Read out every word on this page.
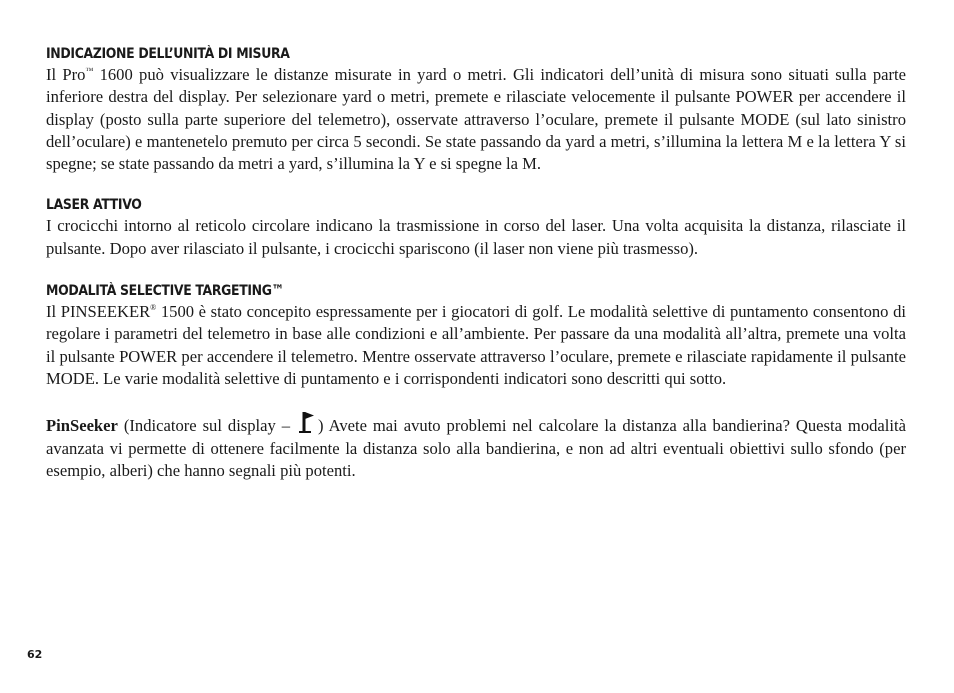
INDICAZIONE DELL’UNITÀ DI MISURA

Il Pro™ 1600 può visualizzare le distanze misurate in yard o metri. Gli indicatori dell’unità di misura sono situati sulla parte inferiore destra del display. Per selezionare yard o metri, premete e rilasciate velocemente il pulsante POWER per accendere il display (posto sulla parte superiore del telemetro), osservate attraverso l’oculare, premete il pulsante MODE (sul lato sinistro dell’oculare) e mantenetelo premuto per circa 5 secondi. Se state passando da yard a metri, s’illumina la lettera M e la lettera Y si spegne; se state passando da metri a yard, s’illumina la Y e si spegne la M.

LASER ATTIVO

I crocicchi intorno al reticolo circolare indicano la trasmissione in corso del laser. Una volta acquisita la distanza, rilasciate il pulsante. Dopo aver rilasciato il pulsante, i crocicchi spariscono (il laser non viene più trasmesso).

MODALITÀ SELECTIVE TARGETING™

Il PINSEEKER® 1500 è stato concepito espressamente per i giocatori di golf. Le modalità selettive di puntamento consentono di regolare i parametri del telemetro in base alle condizioni e all’ambiente. Per passare da una modalità all’altra, premete una volta il pulsante POWER per accendere il telemetro. Mentre osservate attraverso l’oculare, premete e rilasciate rapidamente il pulsante MODE. Le varie modalità selettive di puntamento e i corrispondenti indicatori sono descritti qui sotto.

PinSeeker (Indicatore sul display – ) Avete mai avuto problemi nel calcolare la distanza alla bandierina? Questa modalità avanzata vi permette di ottenere facilmente la distanza solo alla bandierina, e non ad altri eventuali obiettivi sullo sfondo (per esempio, alberi) che hanno segnali più potenti.

62
